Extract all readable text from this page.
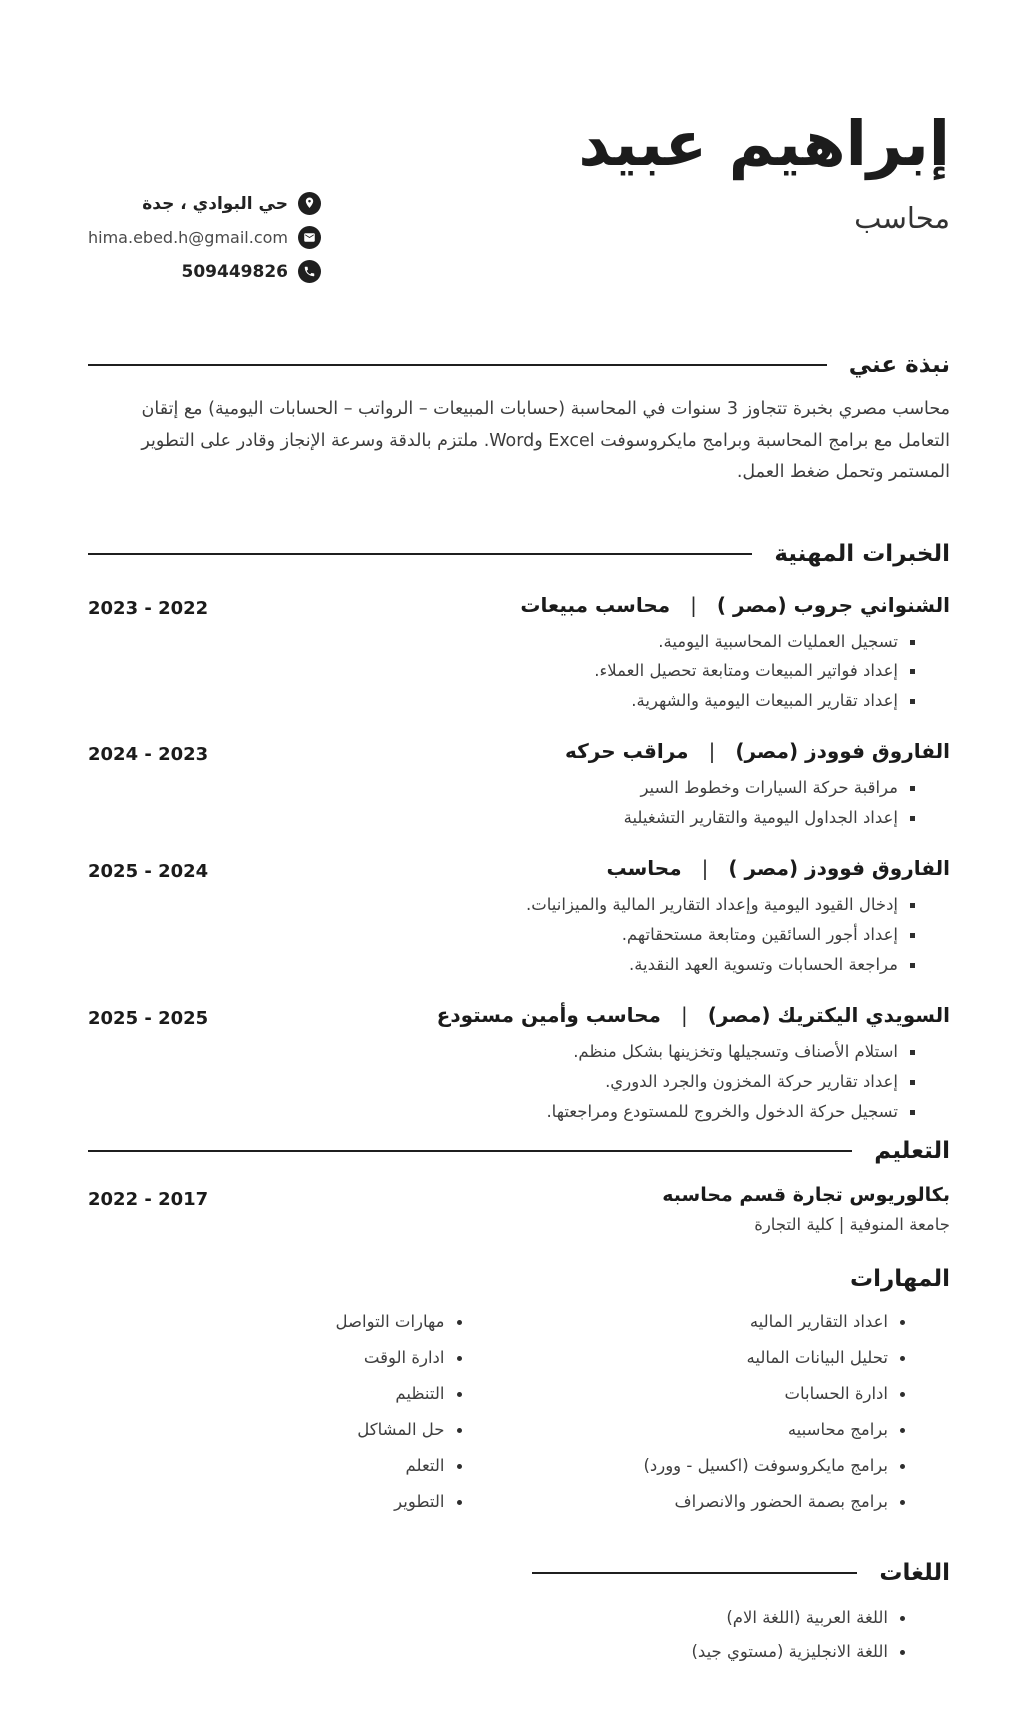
إبراهيم عبيد
محاسب
حي البوادي ، جدة
hima.ebed.h@gmail.com
509449826
نبذة عني

محاسب مصري بخبرة تتجاوز 3 سنوات في المحاسبة (حسابات المبيعات – الرواتب – الحسابات اليومية) مع إتقان التعامل مع برامج المحاسبة وبرامج مايكروسوفت Excel وWord. ملتزم بالدقة وسرعة الإنجاز وقادر على التطوير المستمر وتحمل ضغط العمل.

الخبرات المهنية
الشنواني جروب (مصر )
|
محاسب مبيعات
2023 - 2022
تسجيل العمليات المحاسبية اليومية.
إعداد فواتير المبيعات ومتابعة تحصيل العملاء.
إعداد تقارير المبيعات اليومية والشهرية.
الفاروق فوودز (مصر)
|
مراقب حركه
2024 - 2023
مراقبة حركة السيارات وخطوط السير
إعداد الجداول اليومية والتقارير التشغيلية
الفاروق فوودز (مصر )
|
محاسب
2025 - 2024
إدخال القيود اليومية وإعداد التقارير المالية والميزانيات.
إعداد أجور السائقين ومتابعة مستحقاتهم.
مراجعة الحسابات وتسوية العهد النقدية.
السويدي اليكتريك (مصر)
|
محاسب وأمين مستودع
2025 - 2025
استلام الأصناف وتسجيلها وتخزينها بشكل منظم.
إعداد تقارير حركة المخزون والجرد الدوري.
تسجيل حركة الدخول والخروج للمستودع ومراجعتها.
التعليم
بكالوريوس تجارة قسم محاسبه
جامعة المنوفية | كلية التجارة
2022 - 2017
المهارات
اعداد التقارير الماليه
تحليل البيانات الماليه
ادارة الحسابات
برامج محاسبيه
برامج مايكروسوفت (اكسيل - وورد)
برامج بصمة الحضور والانصراف
مهارات التواصل
ادارة الوقت
التنظيم
حل المشاكل
التعلم
التطوير
اللغات
اللغة العربية (اللغة الام)
اللغة الانجليزية (مستوي جيد)
